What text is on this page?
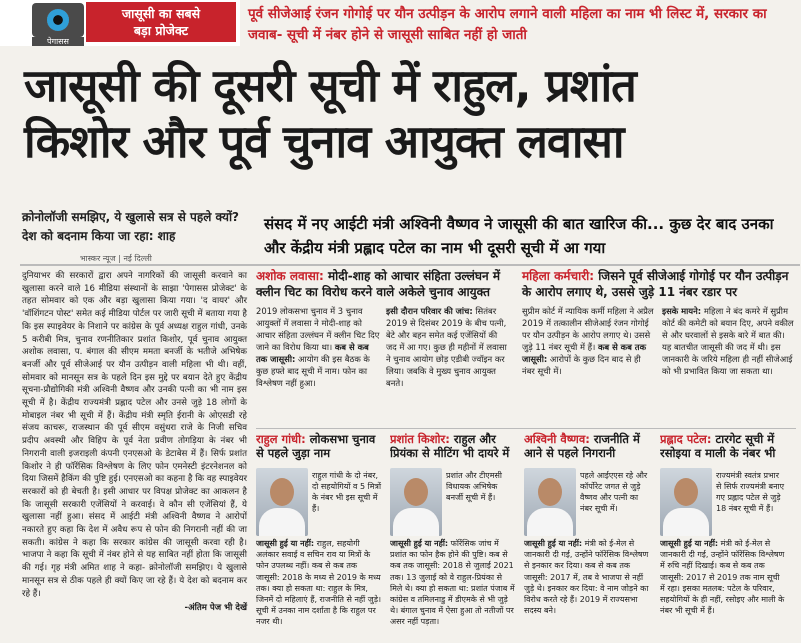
पेगासस
जासूसी का सबसे
बड़ा प्रोजेक्ट
पूर्व सीजेआई रंजन गोगोई पर यौन उत्पीड़न के आरोप लगाने वाली महिला का नाम भी लिस्ट में, सरकार का जवाब- सूची में नंबर होने से जासूसी साबित नहीं हो जाती
जासूसी की दूसरी सूची में राहुल, प्रशांत
किशोर और पूर्व चुनाव आयुक्त लवासा
क्रोनोलॉजी समझिए, ये खुलासे सत्र से पहले क्यों? देश को बदनाम किया जा रहा: शाह
भास्कर न्यूज | नई दिल्ली
संसद में नए आईटी मंत्री अश्विनी वैष्णव ने जासूसी की बात खारिज की... कुछ देर बाद उनका और केंद्रीय मंत्री प्रह्लाद पटेल का नाम भी दूसरी सूची में आ गया
दुनियाभर की सरकारों द्वारा अपने नागरिकों की जासूसी करवाने का खुलासा करने वाले 16 मीडिया संस्थानों के साझा 'पेगासस प्रोजेक्ट' के तहत सोमवार को एक और बड़ा खुलासा किया गया। 'द वायर' और 'वॉशिंगटन पोस्ट' समेत कई मीडिया पोर्टल पर जारी सूची में बताया गया है कि इस स्पाइवेयर के निशाने पर कांग्रेस के पूर्व अध्यक्ष राहुल गांधी, उनके 5 करीबी मित्र, चुनाव रणनीतिकार प्रशांत किशोर, पूर्व चुनाव आयुक्त अशोक लवासा, प. बंगाल की सीएम ममता बनर्जी के भतीजे अभिषेक बनर्जी और पूर्व सीजेआई पर यौन उत्पीड़न वाली महिला भी थी। वहीं, सोमवार को मानसून सत्र के पहले दिन इस मुद्दे पर बयान देते हुए केंद्रीय सूचना-प्रौद्योगिकी मंत्री अश्विनी वैष्णव और उनकी पत्नी का भी नाम इस सूची में है। केंद्रीय राज्यमंत्री प्रह्लाद पटेल और उनसे जुड़े 18 लोगों के मोबाइल नंबर भी सूची में हैं। केंद्रीय मंत्री स्मृति ईरानी के ओएसडी रहे संजय काचरू, राजस्थान की पूर्व सीएम वसुंधरा राजे के निजी सचिव प्रदीप अवस्थी और विहिप के पूर्व नेता प्रवीण तोगड़िया के नंबर भी निगरानी वाली इजराइली कंपनी एनएसओ के डेटाबेस में हैं। सिर्फ प्रशांत किशोर ने ही फॉरेंसिक विश्लेषण के लिए फोन एमनेस्टी इंटरनेशनल को दिया जिसमें हैकिंग की पुष्टि हुई। एनएसओ का कहना है कि वह स्पाइवेयर सरकारों को ही बेचती है। इसी आधार पर विपक्ष प्रोजेक्ट का आकलन है कि जासूसी सरकारी एजेंसियों ने करवाई। वे कौन सी एजेंसियां हैं, ये खुलासा नहीं हुआ। संसद में आईटी मंत्री अश्विनी वैष्णव ने आरोपों नकारते हुए कहा कि देश में अवैध रूप से फोन की निगरानी नहीं की जा सकती। कांग्रेस ने कहा कि सरकार कांग्रेस की जासूसी करवा रही है। भाजपा ने कहा कि सूची में नंबर होने से यह साबित नहीं होता कि जासूसी की गई। गृह मंत्री अमित शाह ने कहा- क्रोनोलॉजी समझिए। ये खुलासे मानसून सत्र से ठीक पहले ही क्यों किए जा रहे हैं। ये देश को बदनाम कर रहे हैं।
-अंतिम पेज भी देखें
अशोक लवासा: मोदी-शाह को आचार संहिता उल्लंघन में क्लीन चिट का विरोध करने वाले अकेले चुनाव आयुक्त
2019 लोकसभा चुनाव में 3 चुनाव आयुक्तों में लवासा ने मोदी-शाह को आचार संहिता उल्लंघन में क्लीन चिट दिए जाने का विरोध किया था। कब से कब तक जासूसी: आयोग की इस बैठक के कुछ हफ्ते बाद सूची में नाम। फोन का विश्लेषण नहीं हुआ।
इसी दौरान परिवार की जांच: सितंबर 2019 से दिसंबर 2019 के बीच पत्नी, बेटे और बहन समेत कई एजेंसियों की जद में आ गए। कुछ ही महीनों में लवासा ने चुनाव आयोग छोड़ एडीबी ज्वॉइन कर लिया। जबकि वे मुख्य चुनाव आयुक्त बनते।
महिला कर्मचारी: जिसने पूर्व सीजेआई गोगोई पर यौन उत्पीड़न के आरोप लगाए थे, उससे जुड़े 11 नंबर रडार पर
सुप्रीम कोर्ट में न्यायिक कर्मी महिला ने अप्रैल 2019 में तत्कालीन सीजेआई रंजन गोगोई पर यौन उत्पीड़न के आरोप लगाए थे। उससे जुड़े 11 नंबर सूची में हैं। कब से कब तक जासूसी: आरोपों के कुछ दिन बाद से ही नंबर सूची में।
इसके मायने: महिला ने बंद कमरे में सुप्रीम कोर्ट की कमेटी को बयान दिए, अपने वकील से और घरवालों से इसके बारे में बात की। यह बातचीत जासूसी की जद में थी। इस जानकारी के जरिये महिला ही नहीं सीजेआई को भी प्रभावित किया जा सकता था।
राहुल गांधी: लोकसभा चुनाव से पहले जुड़ा नाम
राहुल गांधी के दो नंबर, दो सहयोगियों व 5 मित्रों के नंबर भी इस सूची में हैं।
जासूसी हुई या नहीं: राहुल, सहयोगी अलंकार सवाई व सचिन राव या मित्रों के फोन उपलब्ध नहीं। कब से कब तक जासूसी: 2018 के मध्य से 2019 के मध्य तक। क्या हो सकता था: राहुल के मित्र, जिनमें दो महिलाएं हैं, राजनीति से नहीं जुड़े। सूची में उनका नाम दर्शाता है कि राहुल पर नजर थी।
प्रशांत किशोर: राहुल और प्रियंका से मीटिंग भी दायरे में
प्रशांत और टीएमसी विधायक अभिषेक बनर्जी सूची में हैं।
जासूसी हुई या नहीं: फॉरेंसिक जांच में प्रशांत का फोन हैक होने की पुष्टि। कब से कब तक जासूसी: 2018 से जुलाई 2021 तक। 13 जुलाई को वे राहुल-प्रियंका से मिले थे। क्या हो सकता था: प्रशांत पंजाब में कांग्रेस व तमिलनाडु में डीएमके से भी जुड़े थे। बंगाल चुनाव में ऐसा हुआ तो नतीजों पर असर नहीं पड़ता।
अश्विनी वैष्णव: राजनीति में आने से पहले निगरानी
पहले आईएएस रहे और कॉर्पोरेट जगत से जुड़े वैष्णव और पत्नी का नंबर सूची में।
जासूसी हुई या नहीं: मंत्री को ई-मेल से जानकारी दी गई, उन्होंने फॉरेंसिक विश्लेषण से इनकार कर दिया। कब से कब तक जासूसी: 2017 में, तब वे भाजपा से नहीं जुड़े थे। इनकार कर दिया: वे नाम जोड़ने का विरोध करते रहे हैं। 2019 में राज्यसभा सदस्य बने।
प्रह्लाद पटेल: टारगेट सूची में रसोइया व माली के नंबर भी
राज्यमंत्री स्वतंत्र प्रभार से सिर्फ राज्यमंत्री बनाए गए प्रह्लाद पटेल से जुड़े 18 नंबर सूची में हैं।
जासूसी हुई या नहीं: मंत्री को ई-मेल से जानकारी दी गई, उन्होंने फॉरेंसिक विश्लेषण में रुचि नहीं दिखाई। कब से कब तक जासूसी: 2017 से 2019 तक नाम सूची में रहा। इसका मतलब: पटेल के परिवार, सहयोगियों के ही नहीं, रसोइए और माली के नंबर भी सूची में हैं।
